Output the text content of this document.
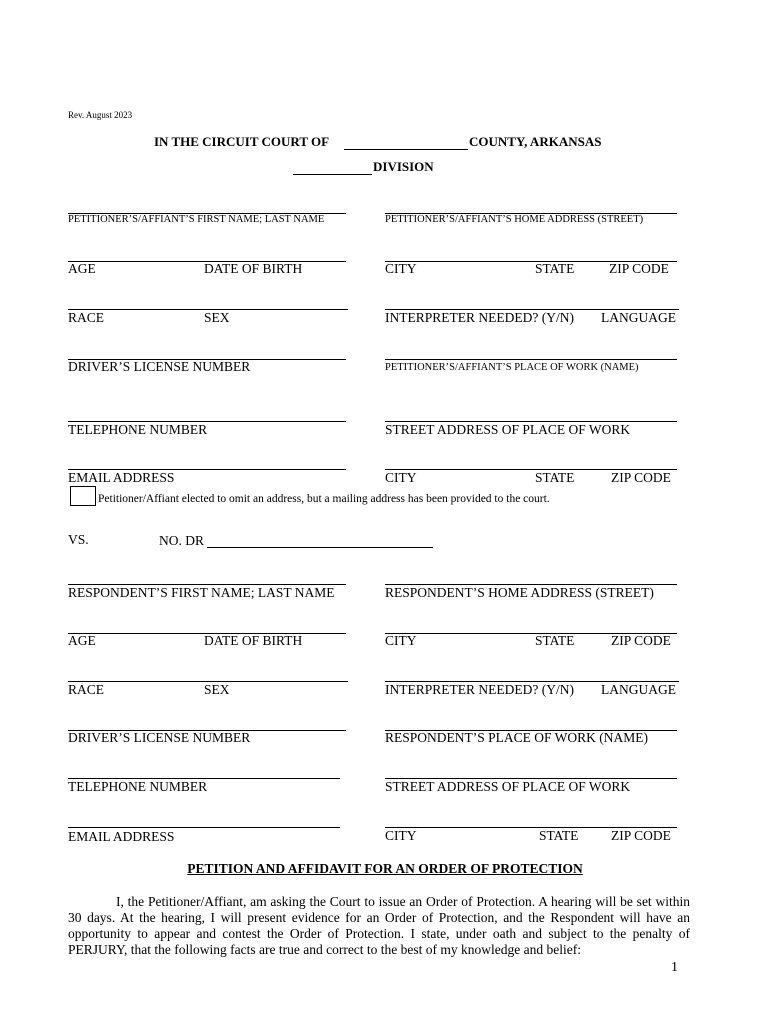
Rev. August 2023
IN THE CIRCUIT COURT OF	COUNTY, ARKANSAS
DIVISION
PETITIONER’S/AFFIANT’S FIRST NAME; LAST NAME	PETITIONER’S/AFFIANT’S HOME ADDRESS (STREET)
AGE	DATE OF BIRTH	CITY	STATE	ZIP CODE
RACE	SEX	INTERPRETER NEEDED? (Y/N) LANGUAGE
DRIVER’S LICENSE NUMBER	PETITIONER’S/AFFIANT’S PLACE OF WORK (NAME)
TELEPHONE NUMBER	STREET ADDRESS OF PLACE OF WORK
EMAIL ADDRESS	CITY	STATE	ZIP CODE
Petitioner/Affiant elected to omit an address, but a mailing address has been provided to the court.
VS.	NO. DR
RESPONDENT’S FIRST NAME; LAST NAME	RESPONDENT’S HOME ADDRESS (STREET)
AGE	DATE OF BIRTH	CITY	STATE	ZIP CODE
RACE	SEX	INTERPRETER NEEDED? (Y/N) LANGUAGE
DRIVER’S LICENSE NUMBER	RESPONDENT’S PLACE OF WORK (NAME)
TELEPHONE NUMBER	STREET ADDRESS OF PLACE OF WORK
EMAIL ADDRESS	CITY	STATE ZIP CODE
PETITION AND AFFIDAVIT FOR AN ORDER OF PROTECTION
I, the Petitioner/Affiant, am asking the Court to issue an Order of Protection. A hearing will be set within 30 days. At the hearing, I will present evidence for an Order of Protection, and the Respondent will have an opportunity to appear and contest the Order of Protection. I state, under oath and subject to the penalty of PERJURY, that the following facts are true and correct to the best of my knowledge and belief:
1
